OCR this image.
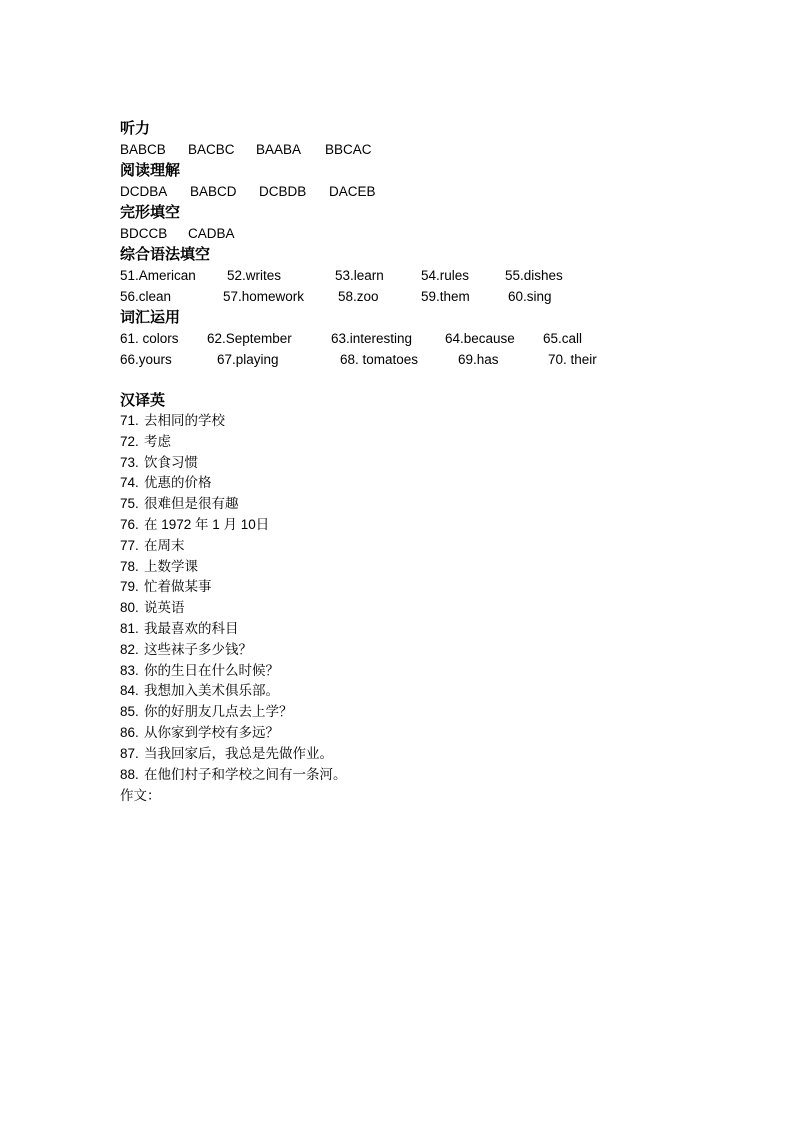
听力
BABCB BACBC BAABA BBCAC
阅读理解
DCDBA BABCD DCBDB DACEB
完形填空
BDCCB CADBA
综合语法填空
51.American 52.writes	53.learn	54.rules	55.dishes
56.clean	57.homework	58.zoo	59.them	60.sing
词汇运用
61. colors 62.September	63.interesting 64.because 65.call
66.yours	67.playing	68. tomatoes	69.has	70. their
汉译英
71. 去相同的学校
72. 考虑
73. 饮食习惯
74. 优惠的价格
75. 很难但是很有趣
76. 在 1972 年 1 月 10日
77. 在周末
78. 上数学课
79. 忙着做某事
80. 说英语
81. 我最喜欢的科目
82. 这些袜子多少钱？
83. 你的生日在什么时候？
84. 我想加入美术俱乐部。
85. 你的好朋友几点去上学？
86. 从你家到学校有多远？
87. 当我回家后，我总是先做作业。
88. 在他们村子和学校之间有一条河。
作文：
